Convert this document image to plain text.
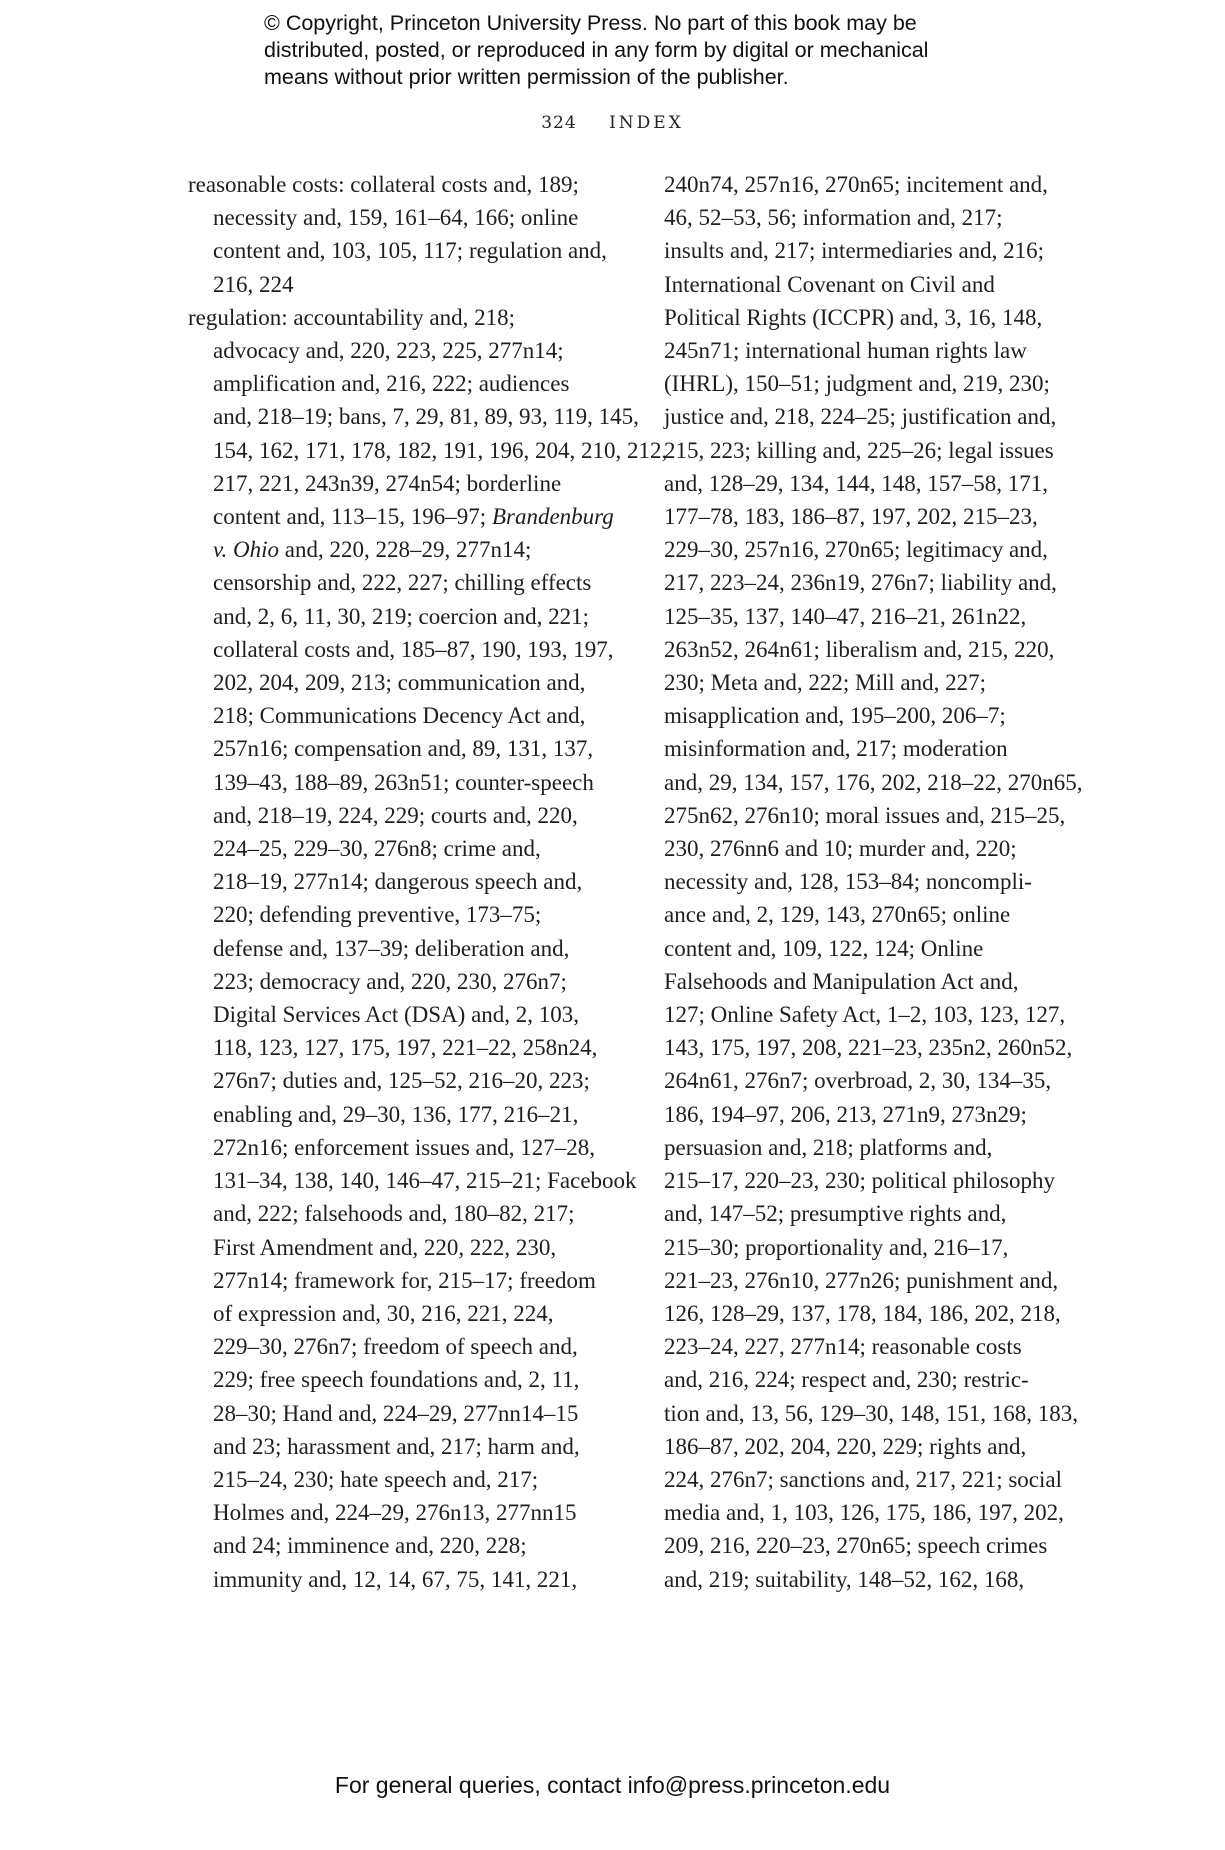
© Copyright, Princeton University Press. No part of this book may be
distributed, posted, or reproduced in any form by digital or mechanical
means without prior written permission of the publisher.
324 INDEX
reasonable costs: collateral costs and, 189;
necessity and, 159, 161–64, 166; online
content and, 103, 105, 117; regulation and,
216, 224
regulation: accountability and, 218;
advocacy and, 220, 223, 225, 277n14;
amplification and, 216, 222; audiences
and, 218–19; bans, 7, 29, 81, 89, 93, 119, 145,
154, 162, 171, 178, 182, 191, 196, 204, 210, 212,
217, 221, 243n39, 274n54; borderline
content and, 113–15, 196–97; Brandenburg
v. Ohio and, 220, 228–29, 277n14;
censorship and, 222, 227; chilling effects
and, 2, 6, 11, 30, 219; coercion and, 221;
collateral costs and, 185–87, 190, 193, 197,
202, 204, 209, 213; communication and,
218; Communications Decency Act and,
257n16; compensation and, 89, 131, 137,
139–43, 188–89, 263n51; counter-speech
and, 218–19, 224, 229; courts and, 220,
224–25, 229–30, 276n8; crime and,
218–19, 277n14; dangerous speech and,
220; defending preventive, 173–75;
defense and, 137–39; deliberation and,
223; democracy and, 220, 230, 276n7;
Digital Services Act (DSA) and, 2, 103,
118, 123, 127, 175, 197, 221–22, 258n24,
276n7; duties and, 125–52, 216–20, 223;
enabling and, 29–30, 136, 177, 216–21,
272n16; enforcement issues and, 127–28,
131–34, 138, 140, 146–47, 215–21; Facebook
and, 222; falsehoods and, 180–82, 217;
First Amendment and, 220, 222, 230,
277n14; framework for, 215–17; freedom
of expression and, 30, 216, 221, 224,
229–30, 276n7; freedom of speech and,
229; free speech foundations and, 2, 11,
28–30; Hand and, 224–29, 277nn14–15
and 23; harassment and, 217; harm and,
215–24, 230; hate speech and, 217;
Holmes and, 224–29, 276n13, 277nn15
and 24; imminence and, 220, 228;
immunity and, 12, 14, 67, 75, 141, 221,
240n74, 257n16, 270n65; incitement and,
46, 52–53, 56; information and, 217;
insults and, 217; intermediaries and, 216;
International Covenant on Civil and
Political Rights (ICCPR) and, 3, 16, 148,
245n71; international human rights law
(IHRL), 150–51; judgment and, 219, 230;
justice and, 218, 224–25; justification and,
215, 223; killing and, 225–26; legal issues
and, 128–29, 134, 144, 148, 157–58, 171,
177–78, 183, 186–87, 197, 202, 215–23,
229–30, 257n16, 270n65; legitimacy and,
217, 223–24, 236n19, 276n7; liability and,
125–35, 137, 140–47, 216–21, 261n22,
263n52, 264n61; liberalism and, 215, 220,
230; Meta and, 222; Mill and, 227;
misapplication and, 195–200, 206–7;
misinformation and, 217; moderation
and, 29, 134, 157, 176, 202, 218–22, 270n65,
275n62, 276n10; moral issues and, 215–25,
230, 276nn6 and 10; murder and, 220;
necessity and, 128, 153–84; noncompli-
ance and, 2, 129, 143, 270n65; online
content and, 109, 122, 124; Online
Falsehoods and Manipulation Act and,
127; Online Safety Act, 1–2, 103, 123, 127,
143, 175, 197, 208, 221–23, 235n2, 260n52,
264n61, 276n7; overbroad, 2, 30, 134–35,
186, 194–97, 206, 213, 271n9, 273n29;
persuasion and, 218; platforms and,
215–17, 220–23, 230; political philosophy
and, 147–52; presumptive rights and,
215–30; proportionality and, 216–17,
221–23, 276n10, 277n26; punishment and,
126, 128–29, 137, 178, 184, 186, 202, 218,
223–24, 227, 277n14; reasonable costs
and, 216, 224; respect and, 230; restric-
tion and, 13, 56, 129–30, 148, 151, 168, 183,
186–87, 202, 204, 220, 229; rights and,
224, 276n7; sanctions and, 217, 221; social
media and, 1, 103, 126, 175, 186, 197, 202,
209, 216, 220–23, 270n65; speech crimes
and, 219; suitability, 148–52, 162, 168,
For general queries, contact info@press.princeton.edu
